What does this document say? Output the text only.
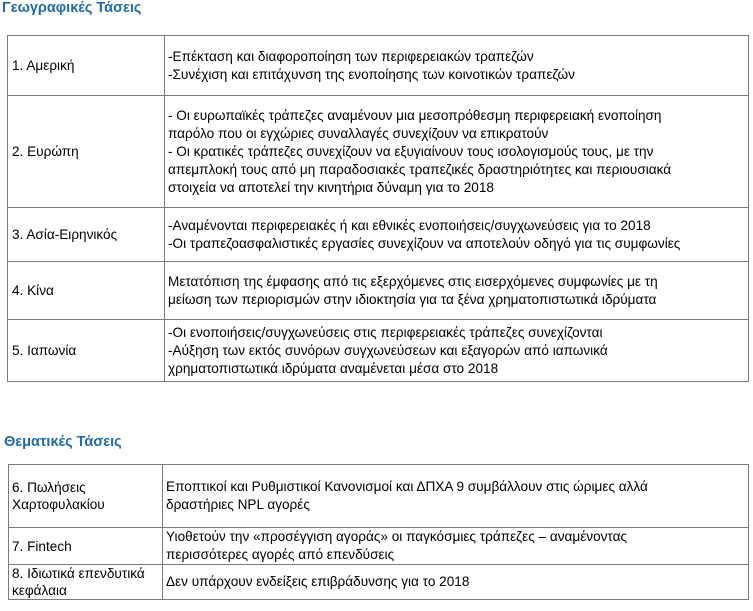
Γεωγραφικές Τάσεις
1. Αμερική	-Επέκταση και διαφοροποίηση των περιφερειακών τραπεζών
-Συνέχιση και επιτάχυνση της ενοποίησης των κοινοτικών τραπεζών

2. Ευρώπη	- Οι ευρωπαϊκές τράπεζες αναμένουν μια μεσοπρόθεσμη περιφερειακή ενοποίηση
παρόλο που οι εγχώριες συναλλαγές συνεχίζουν να επικρατούν
- Οι κρατικές τράπεζες συνεχίζουν να εξυγιαίνουν τους ισολογισμούς τους, με την
απεμπλοκή τους από μη παραδοσιακές τραπεζικές δραστηριότητες και περιουσιακά
στοιχεία να αποτελεί την κινητήρια δύναμη για το 2018

3. Ασία-Ειρηνικός	-Αναμένονται περιφερειακές ή και εθνικές ενοποιήσεις/συγχωνεύσεις για το 2018
-Οι τραπεζοασφαλιστικές εργασίες συνεχίζουν να αποτελούν οδηγό για τις συμφωνίες

4. Κίνα	Μετατόπιση της έμφασης από τις εξερχόμενες στις εισερχόμενες συμφωνίες με τη
μείωση των περιορισμών στην ιδιοκτησία για τα ξένα χρηματοπιστωτικά ιδρύματα

5. Ιαπωνία	-Οι ενοποιήσεις/συγχωνεύσεις στις περιφερειακές τράπεζες συνεχίζονται
-Αύξηση των εκτός συνόρων συγχωνεύσεων και εξαγορών από ιαπωνικά
χρηματοπιστωτικά ιδρύματα αναμένεται μέσα στο 2018
Θεματικές Τάσεις
6. Πωλήσεις Χαρτοφυλακίου	Εποπτικοί και Ρυθμιστικοί Κανονισμοί και ΔΠΧΑ 9 συμβάλλουν στις ώριμες αλλά
δραστήριες NPL αγορές

7. Fintech	Υιοθετούν την «προσέγγιση αγοράς» οι παγκόσμιες τράπεζες – αναμένοντας
περισσότερες αγορές από επενδύσεις

8. Ιδιωτικά επενδυτικά κεφάλαια	Δεν υπάρχουν ενδείξεις επιβράδυνσης για το 2018
